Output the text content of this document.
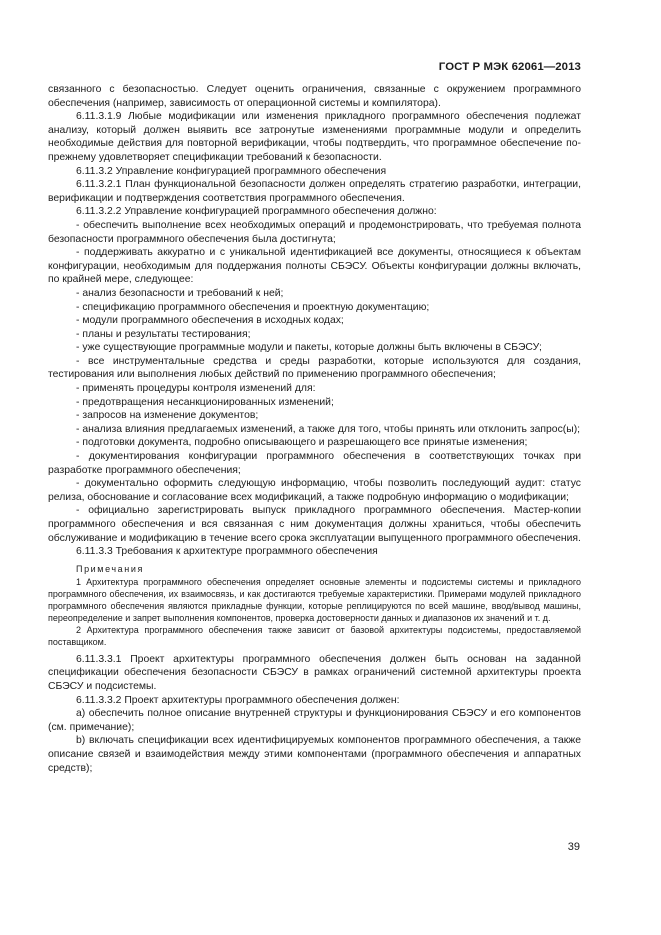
ГОСТ Р МЭК 62061—2013

связанного с безопасностью. Следует оценить ограничения, связанные с окружением программного обеспечения (например, зависимость от операционной системы и компилятора).

6.11.3.1.9 Любые модификации или изменения прикладного программного обеспечения подлежат анализу, который должен выявить все затронутые изменениями программные модули и определить необходимые действия для повторной верификации, чтобы подтвердить, что программное обеспечение по-прежнему удовлетворяет спецификации требований к безопасности.

6.11.3.2 Управление конфигурацией программного обеспечения

6.11.3.2.1 План функциональной безопасности должен определять стратегию разработки, интеграции, верификации и подтверждения соответствия программного обеспечения.

6.11.3.2.2 Управление конфигурацией программного обеспечения должно:

- обеспечить выполнение всех необходимых операций и продемонстрировать, что требуемая полнота безопасности программного обеспечения была достигнута;

- поддерживать аккуратно и с уникальной идентификацией все документы, относящиеся к объектам конфигурации, необходимым для поддержания полноты СБЭСУ. Объекты конфигурации должны включать, по крайней мере, следующее:

- анализ безопасности и требований к ней;

- спецификацию программного обеспечения и проектную документацию;

- модули программного обеспечения в исходных кодах;

- планы и результаты тестирования;

- уже существующие программные модули и пакеты, которые должны быть включены в СБЭСУ;

- все инструментальные средства и среды разработки, которые используются для создания, тестирования или выполнения любых действий по применению программного обеспечения;

- применять процедуры контроля изменений для:

- предотвращения несанкционированных изменений;

- запросов на изменение документов;

- анализа влияния предлагаемых изменений, а также для того, чтобы принять или отклонить запрос(ы);

- подготовки документа, подробно описывающего и разрешающего все принятые изменения;

- документирования конфигурации программного обеспечения в соответствующих точках при разработке программного обеспечения;

- документально оформить следующую информацию, чтобы позволить последующий аудит: статус релиза, обоснование и согласование всех модификаций, а также подробную информацию о модификации;

- официально зарегистрировать выпуск прикладного программного обеспечения. Мастер-копии программного обеспечения и вся связанная с ним документация должны храниться, чтобы обеспечить обслуживание и модификацию в течение всего срока эксплуатации выпущенного программного обеспечения.

6.11.3.3 Требования к архитектуре программного обеспечения

Примечания

1 Архитектура программного обеспечения определяет основные элементы и подсистемы системы и прикладного программного обеспечения, их взаимосвязь, и как достигаются требуемые характеристики. Примерами модулей прикладного программного обеспечения являются прикладные функции, которые реплицируются по всей машине, ввод/вывод машины, переопределение и запрет выполнения компонентов, проверка достоверности данных и диапазонов их значений и т. д.

2 Архитектура программного обеспечения также зависит от базовой архитектуры подсистемы, предоставляемой поставщиком.

6.11.3.3.1 Проект архитектуры программного обеспечения должен быть основан на заданной спецификации обеспечения безопасности СБЭСУ в рамках ограничений системной архитектуры проекта СБЭСУ и подсистемы.

6.11.3.3.2 Проект архитектуры программного обеспечения должен:

а) обеспечить полное описание внутренней структуры и функционирования СБЭСУ и его компонентов (см. примечание);

b) включать спецификации всех идентифицируемых компонентов программного обеспечения, а также описание связей и взаимодействия между этими компонентами (программного обеспечения и аппаратных средств);

39
